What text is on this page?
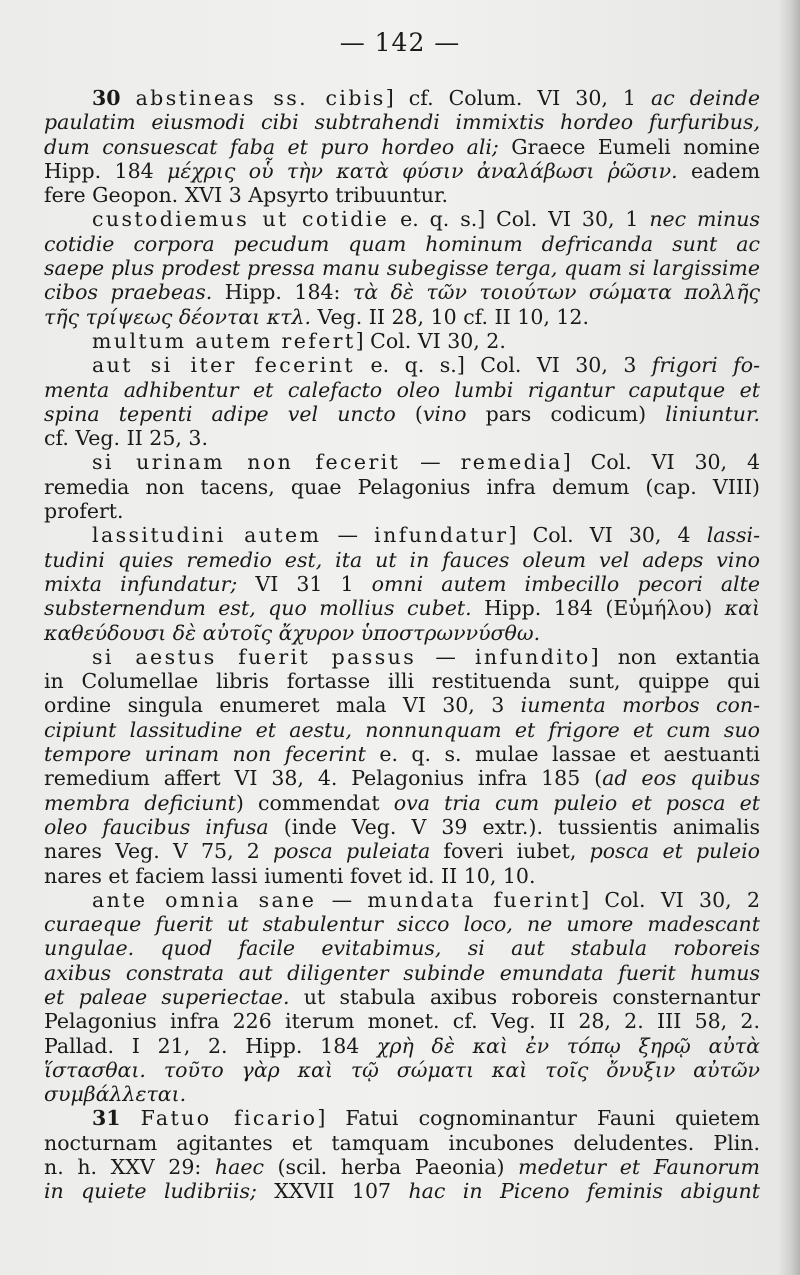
— 142 —
30 abstineas ss. cibis] cf. Colum. VI 30, 1 ac deinde
paulatim eiusmodi cibi subtrahendi immixtis hordeo furfuribus,
dum consuescat faba et puro hordeo ali; Graece Eumeli nomine
Hipp. 184 μέχρις οὗ τὴν κατὰ φύσιν ἀναλάβωσι ῥῶσιν. eadem
fere Geopon. XVI 3 Apsyrto tribuuntur.
custodiemus ut cotidie e. q. s.] Col. VI 30, 1 nec minus
cotidie corpora pecudum quam hominum defricanda sunt ac
saepe plus prodest pressa manu subegisse terga, quam si largissime
cibos praebeas. Hipp. 184: τὰ δὲ τῶν τοιούτων σώματα πολλῆς
τῆς τρίψεως δέονται κτλ. Veg. II 28, 10 cf. II 10, 12.
multum autem refert] Col. VI 30, 2.
aut si iter fecerint e. q. s.] Col. VI 30, 3 frigori fo-
menta adhibentur et calefacto oleo lumbi rigantur caputque et
spina tepenti adipe vel uncto (vino pars codicum) liniuntur.
cf. Veg. II 25, 3.
si urinam non fecerit — remedia] Col. VI 30, 4
remedia non tacens, quae Pelagonius infra demum (cap. VIII)
profert.
lassitudini autem — infundatur] Col. VI 30, 4 lassi-
tudini quies remedio est, ita ut in fauces oleum vel adeps vino
mixta infundatur; VI 31 1 omni autem imbecillo pecori alte
substernendum est, quo mollius cubet. Hipp. 184 (Εὐμήλου) καὶ
καθεύδουσι δὲ αὐτοῖς ἄχυρον ὑποστρωννύσθω.
si aestus fuerit passus — infundito] non extantia
in Columellae libris fortasse illi restituenda sunt, quippe qui
ordine singula enumeret mala VI 30, 3 iumenta morbos con-
cipiunt lassitudine et aestu, nonnunquam et frigore et cum suo
tempore urinam non fecerint e. q. s. mulae lassae et aestuanti
remedium affert VI 38, 4. Pelagonius infra 185 (ad eos quibus
membra deficiunt) commendat ova tria cum puleio et posca et
oleo faucibus infusa (inde Veg. V 39 extr.). tussientis animalis
nares Veg. V 75, 2 posca puleiata foveri iubet, posca et puleio
nares et faciem lassi iumenti fovet id. II 10, 10.
ante omnia sane — mundata fuerint] Col. VI 30, 2
curaeque fuerit ut stabulentur sicco loco, ne umore madescant
ungulae. quod facile evitabimus, si aut stabula roboreis
axibus constrata aut diligenter subinde emundata fuerit humus
et paleae superiectae. ut stabula axibus roboreis consternantur
Pelagonius infra 226 iterum monet. cf. Veg. II 28, 2. III 58, 2.
Pallad. I 21, 2. Hipp. 184 χρὴ δὲ καὶ ἐν τόπῳ ξηρῷ αὐτὰ
ἵστασθαι. τοῦτο γὰρ καὶ τῷ σώματι καὶ τοῖς ὄνυξιν αὐτῶν
συμβάλλεται.
31 Fatuo ficario] Fatui cognominantur Fauni quietem
nocturnam agitantes et tamquam incubones deludentes. Plin.
n. h. XXV 29: haec (scil. herba Paeonia) medetur et Faunorum
in quiete ludibriis; XXVII 107 hac in Piceno feminis abigunt
